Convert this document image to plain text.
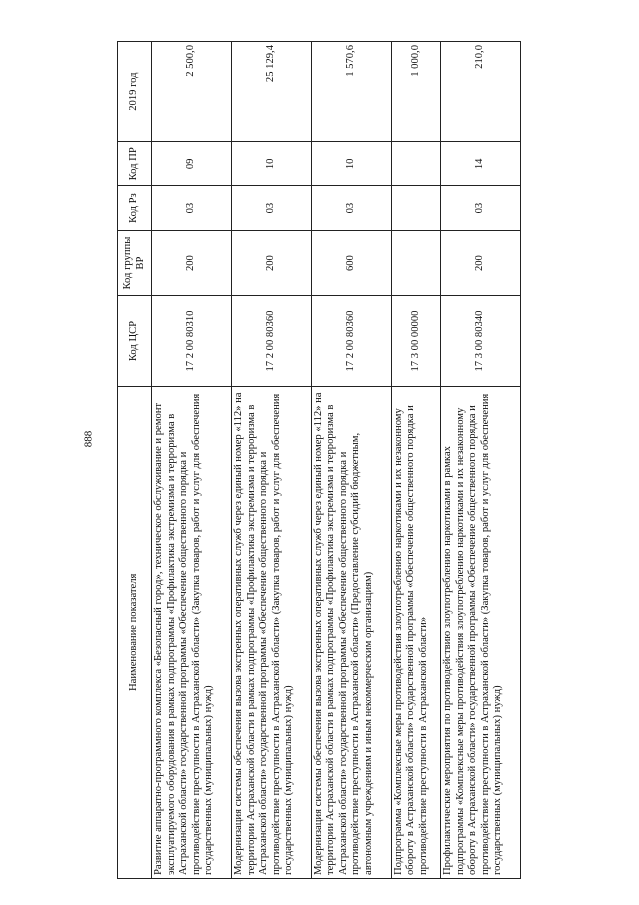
888
Наименование показателя	Код ЦСР	Код группы ВР	Код Рз	Код ПР	2019 год
Развитие аппаратно-программного комплекса «Безопасный город», техническое обслуживание и ремонт эксплуатируемого оборудования в рамках подпрограммы «Профилактика экстремизма и терроризма в Астраханской области» государственной программы «Обеспечение общественного порядка и противодействие преступности в Астраханской области» (Закупка товаров, работ и услуг для обеспечения государственных (муниципальных) нужд)	17 2 00 80310	200	03	09	2 500,0
Модернизация системы обеспечения вызова экстренных оперативных служб через единый номер «112» на территории Астраханской области в рамках подпрограммы «Профилактика экстремизма и терроризма в Астраханской области» государственной программы «Обеспечение общественного порядка и противодействие преступности в Астраханской области» (Закупка товаров, работ и услуг для обеспечения государственных (муниципальных) нужд)	17 2 00 80360	200	03	10	25 129,4
Модернизация системы обеспечения вызова экстренных оперативных служб через единый номер «112» на территории Астраханской области в рамках подпрограммы «Профилактика экстремизма и терроризма в Астраханской области» государственной программы «Обеспечение общественного порядка и противодействие преступности в Астраханской области» (Предоставление субсидий бюджетным, автономным учреждениям и иным некоммерческим организациям)	17 2 00 80360	600	03	10	1 570,6
Подпрограмма «Комплексные меры противодействия злоупотреблению наркотиками и их незаконному обороту в Астраханской области» государственной программы «Обеспечение общественного порядка и противодействие преступности в Астраханской области»	17 3 00 00000				1 000,0
Профилактические мероприятия по противодействию злоупотреблению наркотиками в рамках подпрограммы «Комплексные меры противодействия злоупотреблению наркотиками и их незаконному обороту в Астраханской области» государственной программы «Обеспечение общественного порядка и противодействие преступности в Астраханской области» (Закупка товаров, работ и услуг для обеспечения государственных (муниципальных) нужд)	17 3 00 80340	200	03	14	210,0
